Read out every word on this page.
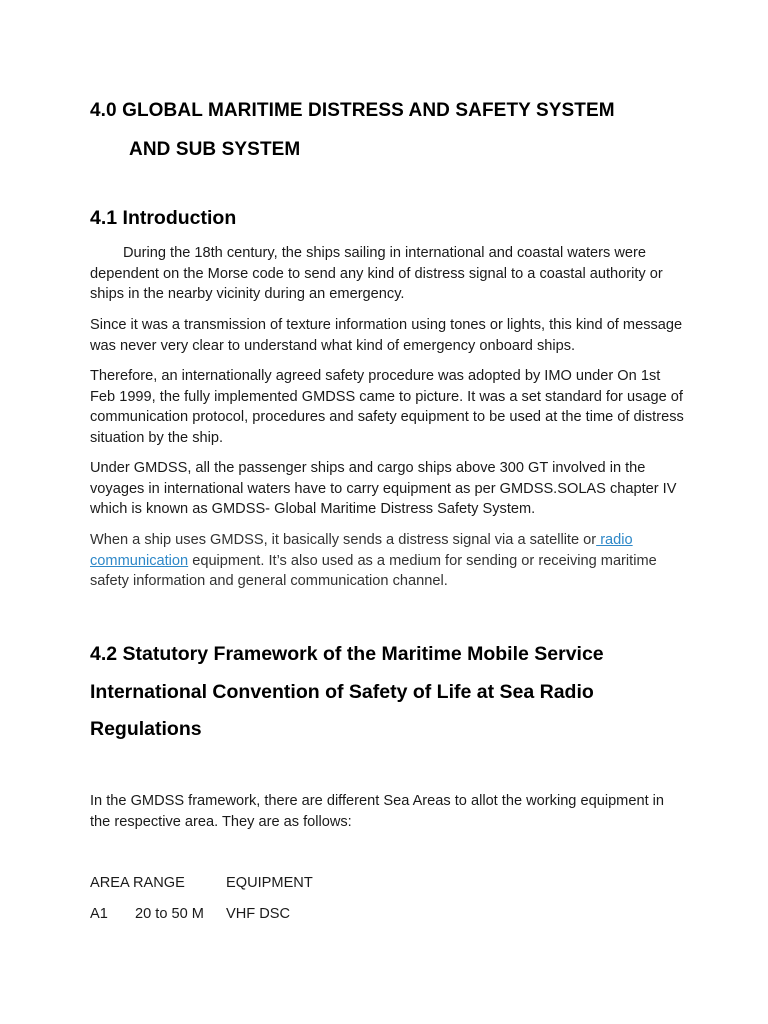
4.0 GLOBAL MARITIME DISTRESS AND SAFETY SYSTEM
AND SUB SYSTEM
4.1 Introduction

During the 18th century, the ships sailing in international and coastal waters were dependent on the Morse code to send any kind of distress signal to a coastal authority or ships in the nearby vicinity during an emergency.

Since it was a transmission of texture information using tones or lights, this kind of message was never very clear to understand what kind of emergency onboard ships.

Therefore, an internationally agreed safety procedure was adopted by IMO under On 1st Feb 1999, the fully implemented GMDSS came to picture. It was a set standard for usage of communication protocol, procedures and safety equipment to be used at the time of distress situation by the ship.

Under GMDSS, all the passenger ships and cargo ships above 300 GT involved in the voyages in international waters have to carry equipment as per GMDSS.SOLAS chapter IV which is known as GMDSS- Global Maritime Distress Safety System.

When a ship uses GMDSS, it basically sends a distress signal via a satellite or radio communication equipment. It’s also used as a medium for sending or receiving maritime safety information and general communication channel.

4.2 Statutory Framework of the Maritime Mobile Service International Convention of Safety of Life at Sea Radio Regulations

In the GMDSS framework, there are different Sea Areas to allot the working equipment in the respective area. They are as follows:

AREA RANGE	EQUIPMENT
A1 20 to 50 M VHF DSC
